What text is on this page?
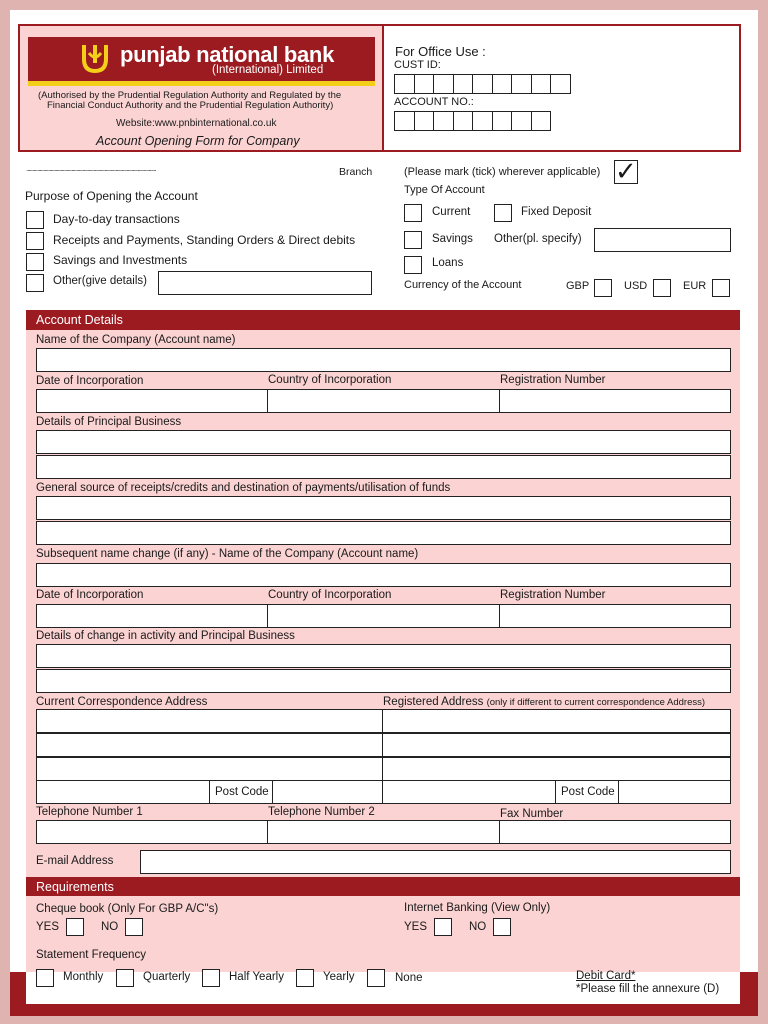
punjab national bank
(International) Limited
(Authorised by the Prudential Regulation Authority and Regulated by the
Financial Conduct Authority and the Prudential Regulation Authority)
Website:www.pnbinternational.co.uk
Account Opening Form for Company
For Office Use :
CUST ID:
ACCOUNT NO.:
..........................................................................................................	Branch	(Please mark (tick) wherever applicable) ✓
Purpose of Opening the Account
Day-to-day transactions
Receipts and Payments, Standing Orders & Direct debits
Savings and Investments
Other(give details)
Type Of Account
Current	Fixed Deposit
Savings Other(pl. specify)
Loans
Currency of the Account	GBP	USD	EUR
Account Details
Name of the Company (Account name)
Date of Incorporation	Country of Incorporation	Registration Number
Details of Principal Business
General source of receipts/credits and destination of payments/utilisation of funds
Subsequent name change (if any) - Name of the Company (Account name)
Date of Incorporation	Country of Incorporation	Registration Number
Details of change in activity and Principal Business
Current Correspondence Address	Registered Address (only if different to current correspondence Address)
Post Code	Post Code
Telephone Number 1	Telephone Number 2	Fax Number
E-mail Address
Requirements
Cheque book (Only For GBP A/C"s)
YES	NO
Internet Banking (View Only)
YES	NO
Statement Frequency
Monthly	Quarterly	Half Yearly	Yearly	None	Debit Card*
*Please fill the annexure (D)
